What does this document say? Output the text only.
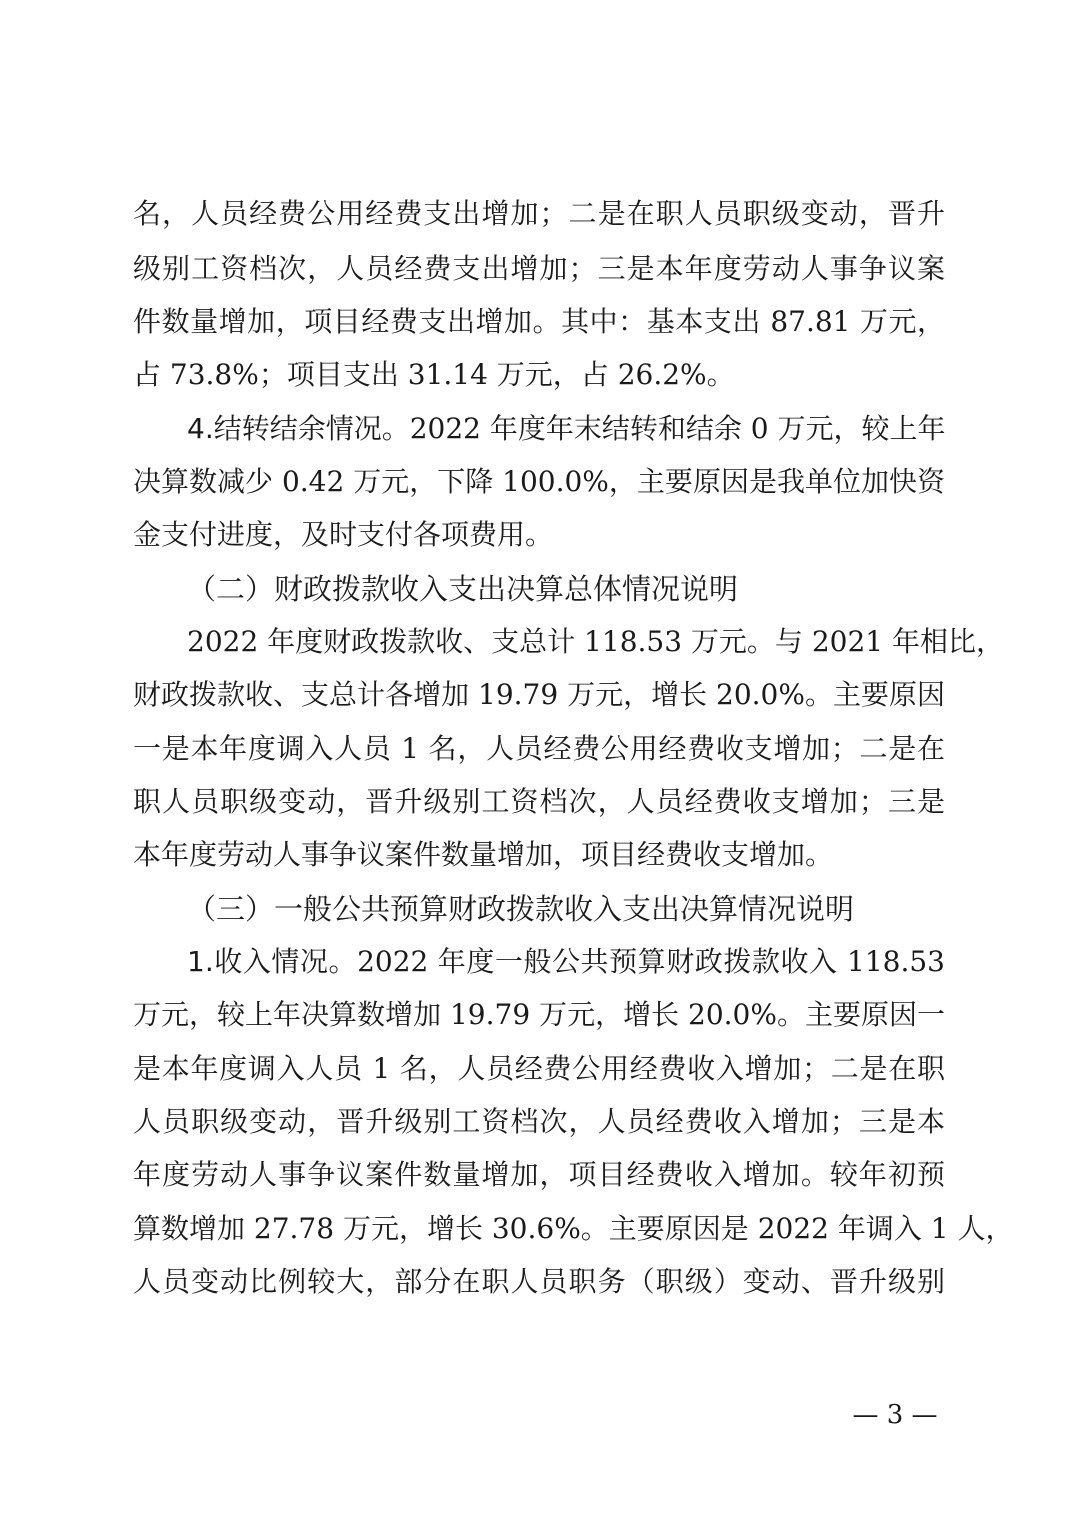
名，人员经费公用经费支出增加；二是在职人员职级变动，晋升
级别工资档次，人员经费支出增加；三是本年度劳动人事争议案
件数量增加，项目经费支出增加。其中：基本支出 87.81 万元，
占 73.8%；项目支出 31.14 万元，占 26.2%。
4.结转结余情况。2022 年度年末结转和结余 0 万元，较上年
决算数减少 0.42 万元，下降 100.0%，主要原因是我单位加快资
金支付进度，及时支付各项费用。
（二）财政拨款收入支出决算总体情况说明
2022 年度财政拨款收、支总计 118.53 万元。与 2021 年相比，
财政拨款收、支总计各增加 19.79 万元，增长 20.0%。主要原因
一是本年度调入人员 1 名，人员经费公用经费收支增加；二是在
职人员职级变动，晋升级别工资档次，人员经费收支增加；三是
本年度劳动人事争议案件数量增加，项目经费收支增加。
（三）一般公共预算财政拨款收入支出决算情况说明
1.收入情况。2022 年度一般公共预算财政拨款收入 118.53
万元，较上年决算数增加 19.79 万元，增长 20.0%。主要原因一
是本年度调入人员 1 名，人员经费公用经费收入增加；二是在职
人员职级变动，晋升级别工资档次，人员经费收入增加；三是本
年度劳动人事争议案件数量增加，项目经费收入增加。较年初预
算数增加 27.78 万元，增长 30.6%。主要原因是 2022 年调入 1 人，
人员变动比例较大，部分在职人员职务（职级）变动、晋升级别
— 3 —
